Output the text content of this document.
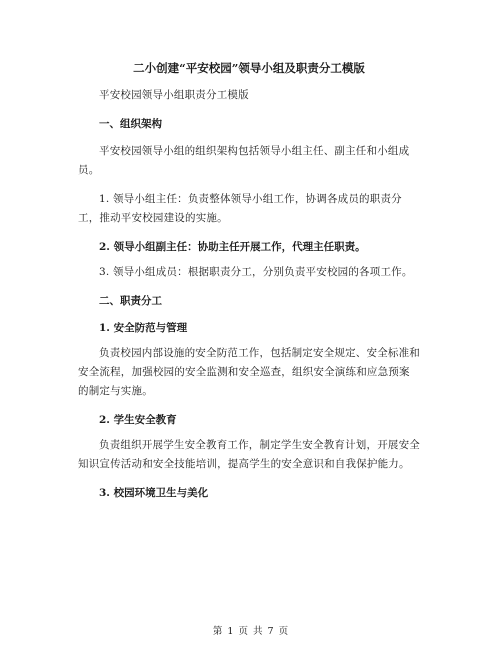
二小创建“平安校园”领导小组及职责分工模版
平安校园领导小组职责分工模版
一、组织架构
平安校园领导小组的组织架构包括领导小组主任、副主任和小组成员。
1. 领导小组主任：负责整体领导小组工作，协调各成员的职责分工，推动平安校园建设的实施。
2. 领导小组副主任：协助主任开展工作，代理主任职责。
3. 领导小组成员：根据职责分工，分别负责平安校园的各项工作。
二、职责分工
1. 安全防范与管理
负责校园内部设施的安全防范工作，包括制定安全规定、安全标准和安全流程，加强校园的安全监测和安全巡查，组织安全演练和应急预案的制定与实施。
2. 学生安全教育
负责组织开展学生安全教育工作，制定学生安全教育计划，开展安全知识宣传活动和安全技能培训，提高学生的安全意识和自我保护能力。
3. 校园环境卫生与美化
第 1 页 共 7 页
